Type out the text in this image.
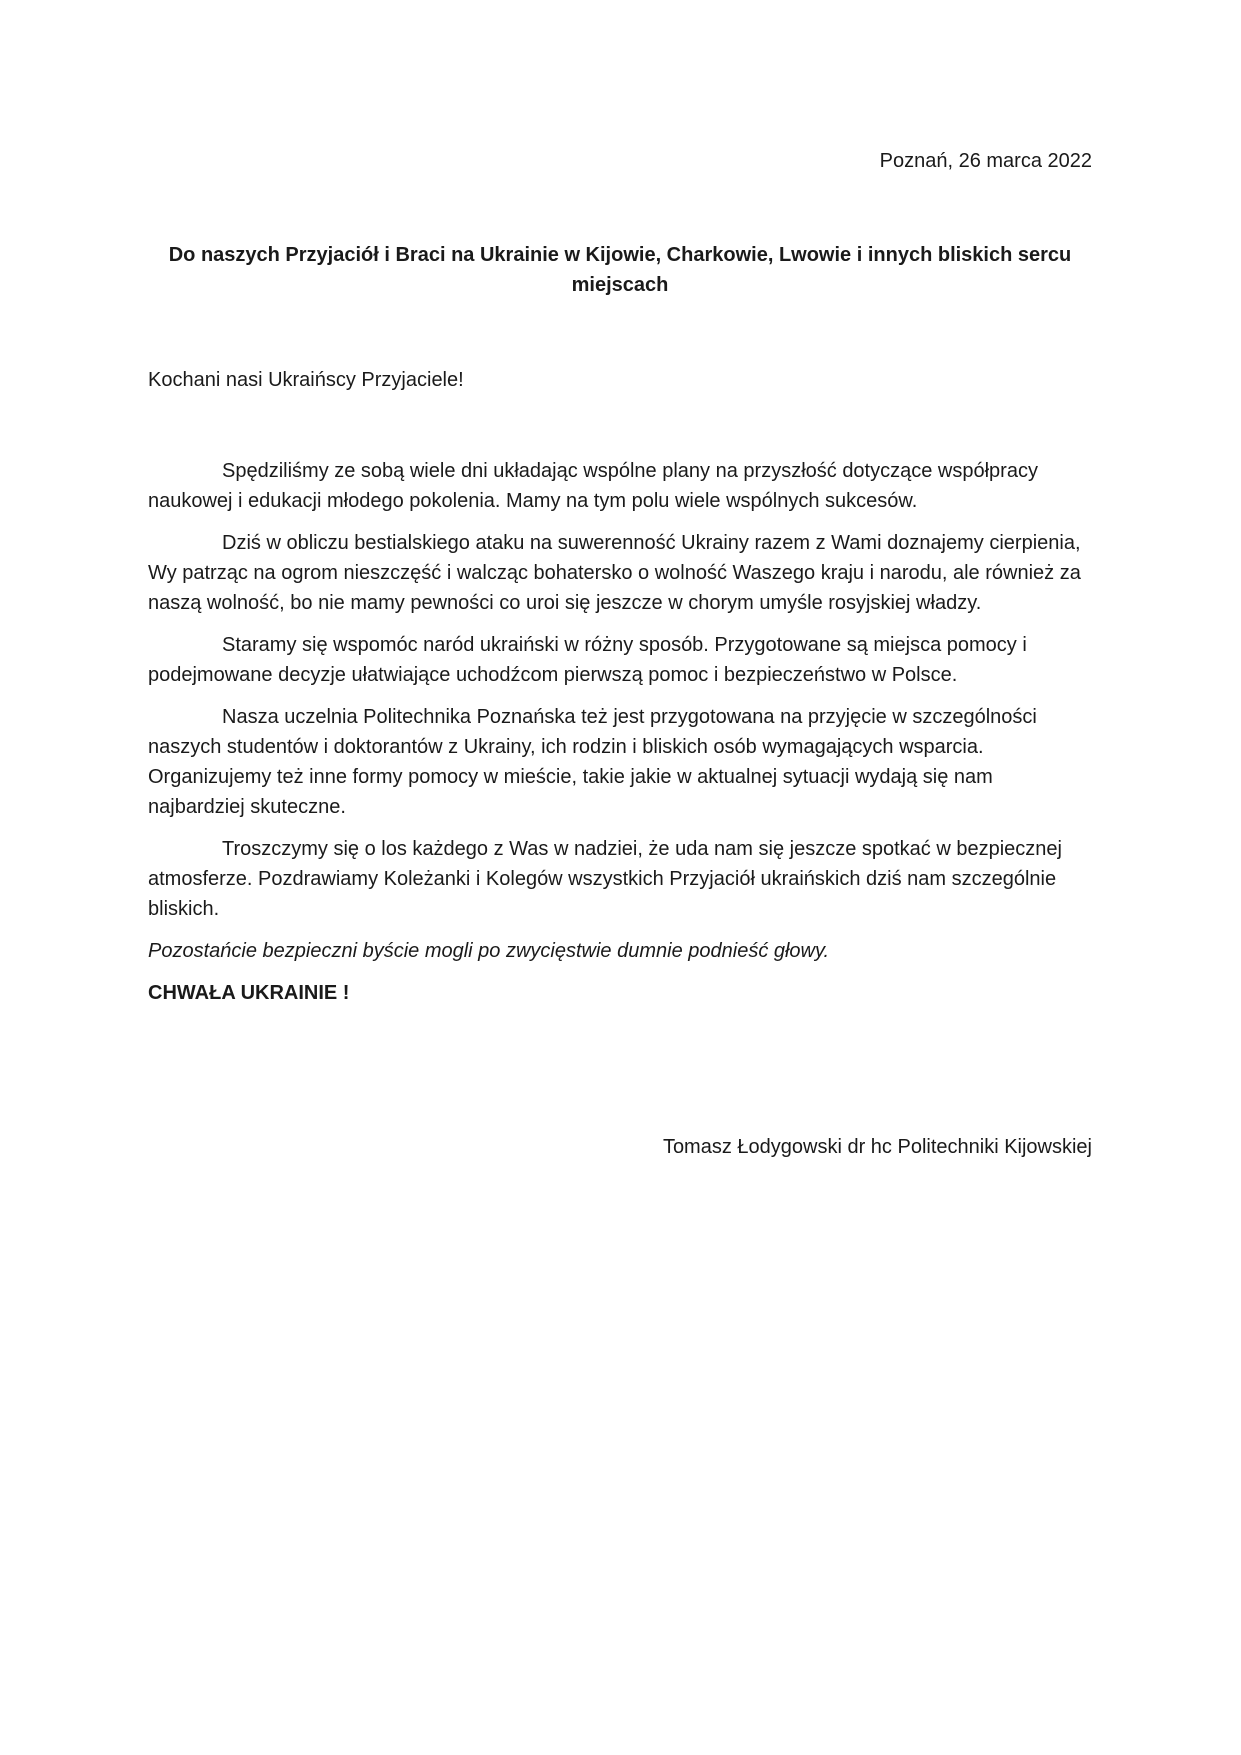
Poznań, 26 marca 2022
Do naszych Przyjaciół i Braci na Ukrainie w Kijowie, Charkowie, Lwowie i innych bliskich sercu miejscach
Kochani nasi Ukraińscy Przyjaciele!

Spędziliśmy ze sobą wiele dni układając wspólne plany na przyszłość dotyczące współpracy naukowej i edukacji młodego pokolenia. Mamy na tym polu wiele wspólnych sukcesów.

Dziś w obliczu bestialskiego ataku na suwerenność Ukrainy razem z Wami doznajemy cierpienia, Wy patrząc na ogrom nieszczęść i walcząc bohatersko o wolność Waszego kraju i narodu, ale również za naszą wolność, bo nie mamy pewności co uroi się jeszcze w chorym umyśle rosyjskiej władzy.

Staramy się wspomóc naród ukraiński w różny sposób. Przygotowane są miejsca pomocy i podejmowane decyzje ułatwiające uchodźcom pierwszą pomoc i bezpieczeństwo w Polsce.

Nasza uczelnia Politechnika Poznańska też jest przygotowana na przyjęcie w szczególności naszych studentów i doktorantów z Ukrainy, ich rodzin i bliskich osób wymagających wsparcia. Organizujemy też inne formy pomocy w mieście, takie jakie w aktualnej sytuacji wydają się nam najbardziej skuteczne.

Troszczymy się o los każdego z Was w nadziei, że uda nam się jeszcze spotkać w bezpiecznej atmosferze. Pozdrawiamy Koleżanki i Kolegów wszystkich Przyjaciół ukraińskich dziś nam szczególnie bliskich.

Pozostańcie bezpieczni byście mogli po zwycięstwie dumnie podnieść głowy.

CHWAŁA UKRAINIE !

Tomasz Łodygowski dr hc Politechniki Kijowskiej
